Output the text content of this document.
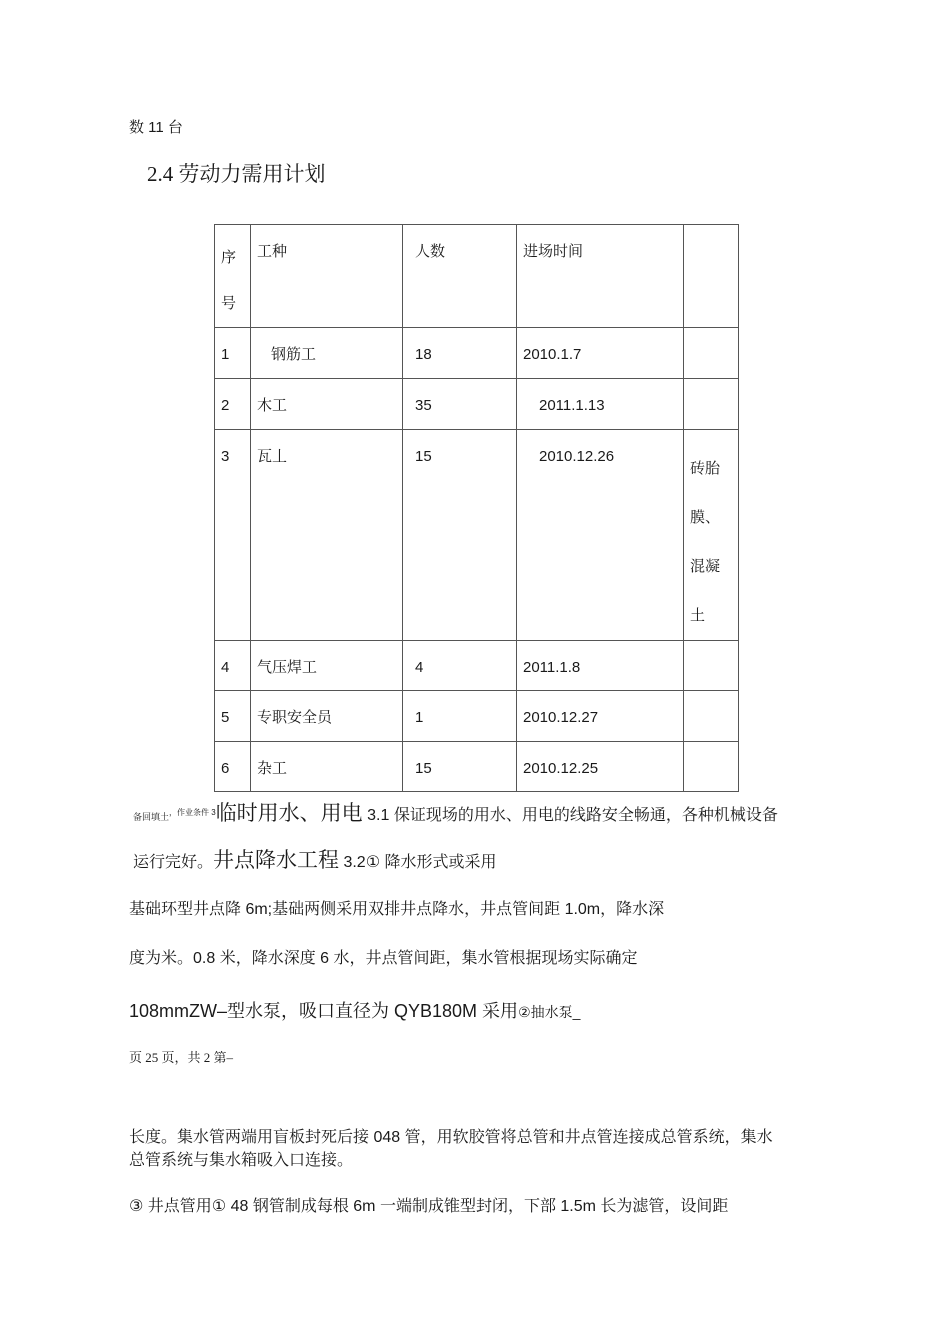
数 11 台
2.4 劳动力需用计划
序
号	工种	人数	进场时间	

1	钢筋工	18	2010.1.7	

2	木工	35	2011.1.13	

3	瓦丄	15	2010.12.26	砖胎
膜、
混凝
土

4	气压焊工	4	2011.1.8	

5	专职安全员	1	2010.12.27	

6	杂工	15	2010.12.25	

备回填土$^{,作业条件 3}$临时用水、用电 3.1 保证现场的用水、用电的线路安全畅通，各种机械设备
运行完好。井点降水工程 3.2① 降水形式或采用
基础环型井点降 6m;基础两侧采用双排井点降水，井点管间距 1.0m，降水深
度为米。0.8 米，降水深度 6 水，井点管间距，集水管根据现场实际确定
108mmZW–型水泵，吸口直径为 QYB180M 采用②抽水泵_
页 25 页，共 2 第–
长度。集水管两端用盲板封死后接 048 管，用软胶管将总管和井点管连接成总管系统，集水
总管系统与集水箱吸入口连接。
③ 井点管用① 48 钢管制成每根 6m 一端制成锥型封闭，下部 1.5m 长为滤管，设间距
